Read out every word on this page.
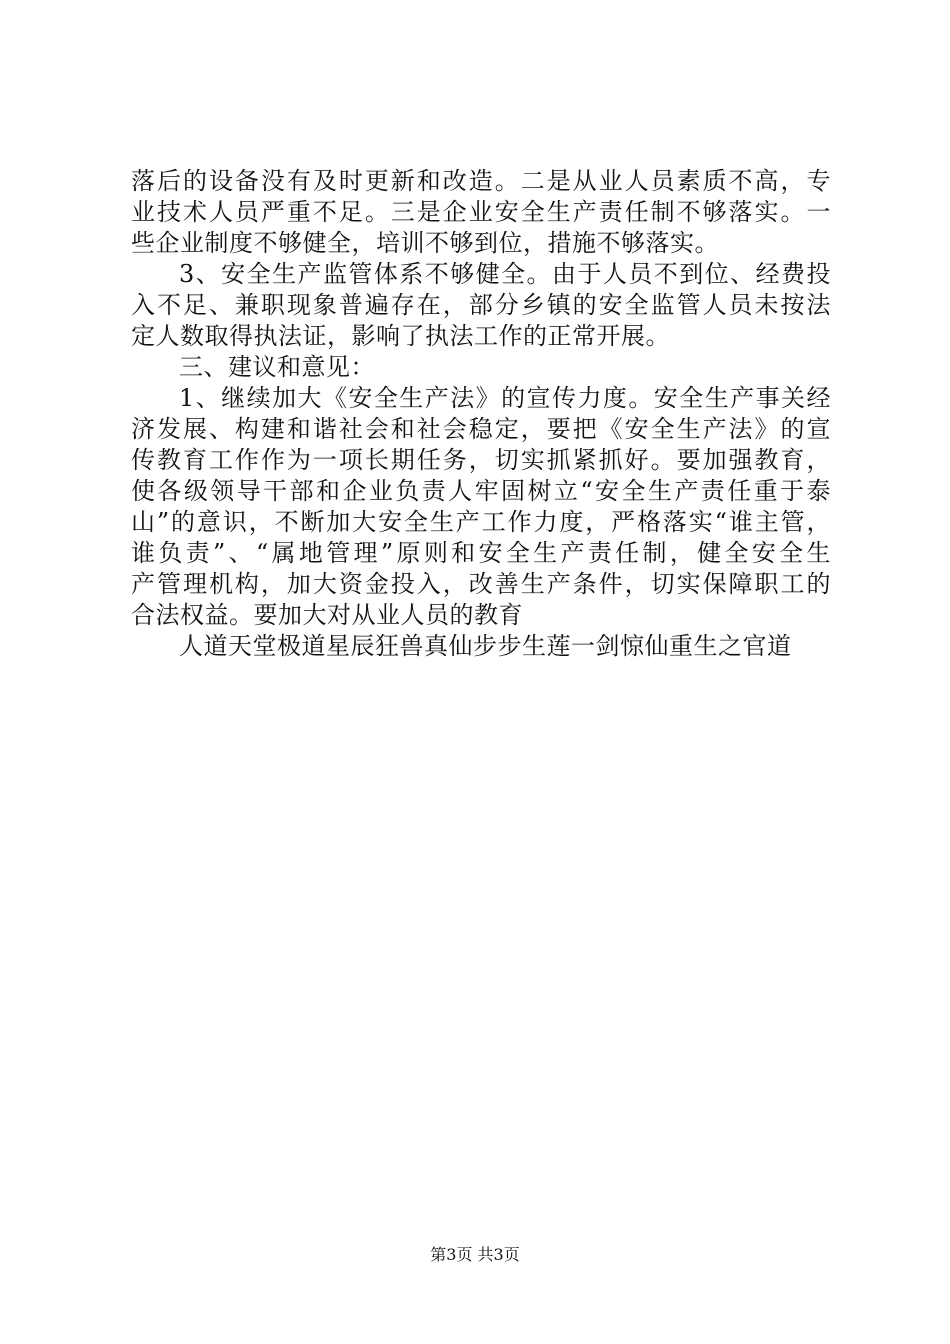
落后的设备没有及时更新和改造。二是从业人员素质不高，专
业技术人员严重不足。三是企业安全生产责任制不够落实。一
些企业制度不够健全，培训不够到位，措施不够落实。
3、安全生产监管体系不够健全。由于人员不到位、经费投
入不足、兼职现象普遍存在，部分乡镇的安全监管人员未按法
定人数取得执法证，影响了执法工作的正常开展。
三、建议和意见：
1、继续加大《安全生产法》的宣传力度。安全生产事关经
济发展、构建和谐社会和社会稳定，要把《安全生产法》的宣
传教育工作作为一项长期任务，切实抓紧抓好。要加强教育，
使各级领导干部和企业负责人牢固树立“安全生产责任重于泰
山”的意识，不断加大安全生产工作力度，严格落实“谁主管，
谁负责”、“属地管理”原则和安全生产责任制，健全安全生
产管理机构，加大资金投入，改善生产条件，切实保障职工的
合法权益。要加大对从业人员的教育
人道天堂极道星辰狂兽真仙步步生莲一剑惊仙重生之官道
第3页 共3页
